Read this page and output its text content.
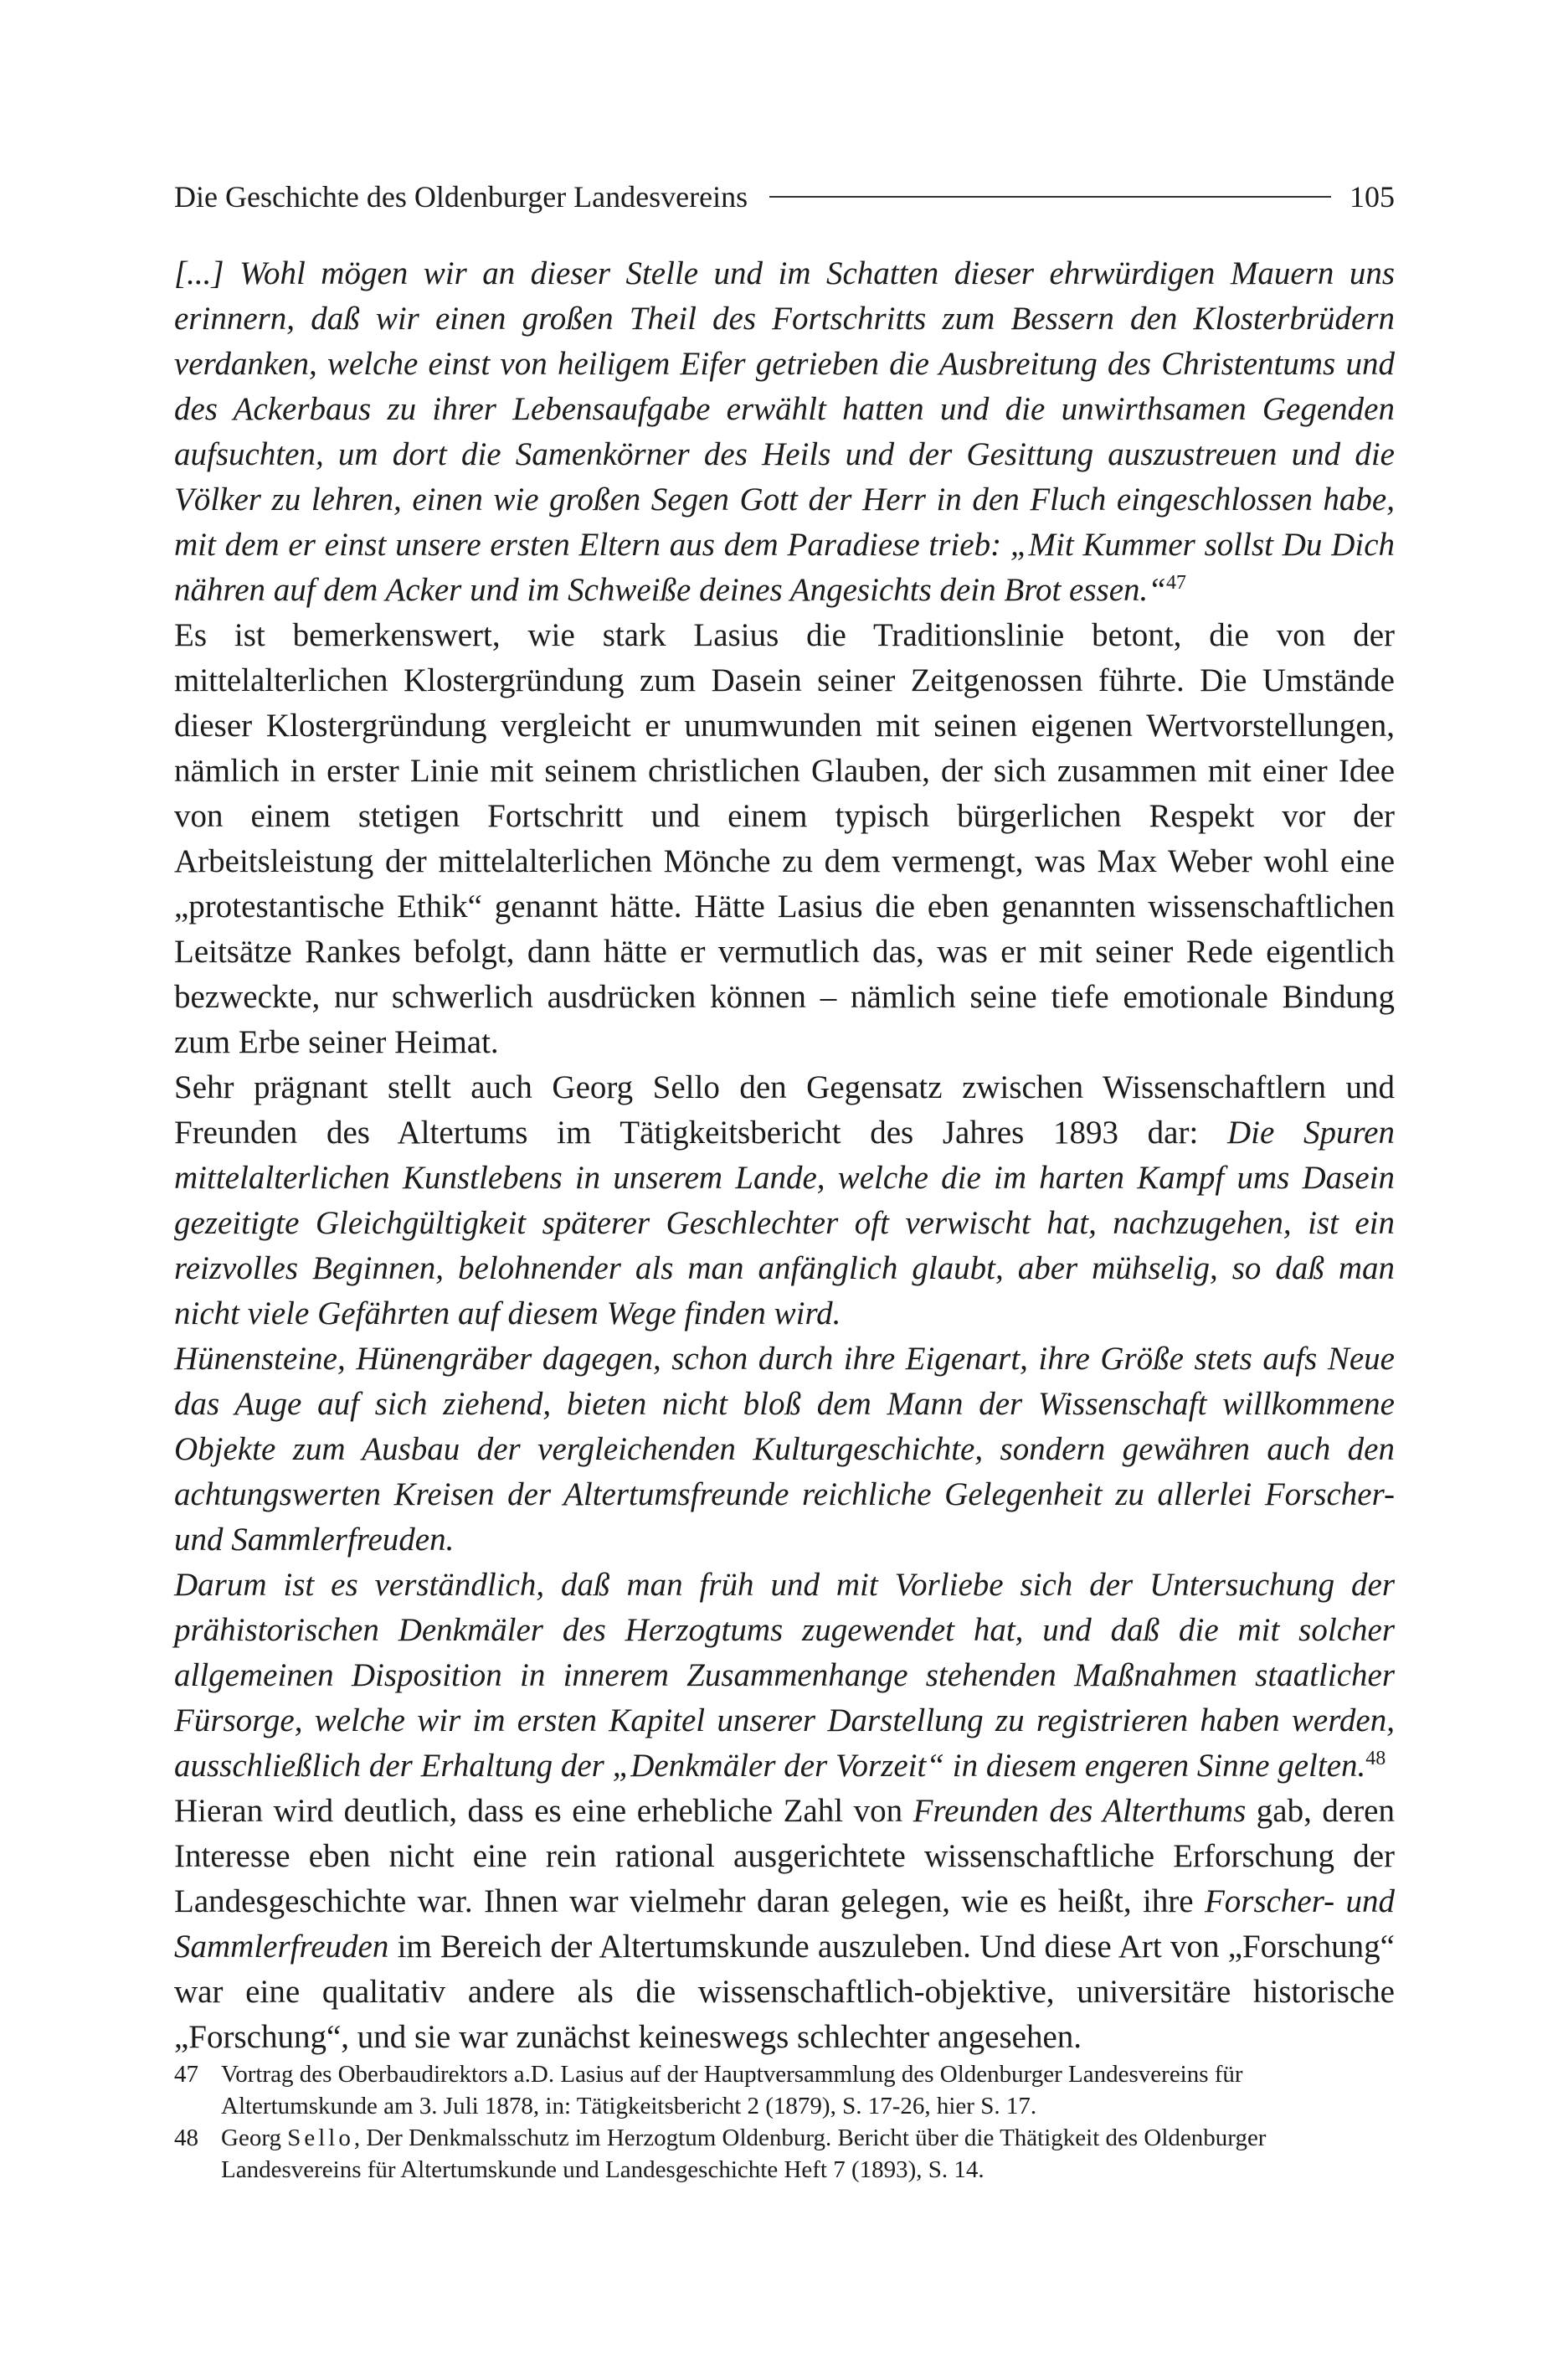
Die Geschichte des Oldenburger Landesvereins	105

[...] Wohl mögen wir an dieser Stelle und im Schatten dieser ehrwürdigen Mauern uns erinnern, daß wir einen großen Theil des Fortschritts zum Bessern den Klosterbrüdern verdanken, welche einst von heiligem Eifer getrieben die Ausbreitung des Christentums und des Ackerbaus zu ihrer Lebensaufgabe erwählt hatten und die unwirthsamen Gegenden aufsuchten, um dort die Samenkörner des Heils und der Gesittung auszustreuen und die Völker zu lehren, einen wie großen Segen Gott der Herr in den Fluch eingeschlossen habe, mit dem er einst unsere ersten Eltern aus dem Paradiese trieb: „Mit Kummer sollst Du Dich nähren auf dem Acker und im Schweiße deines Angesichts dein Brot essen.“$^{47}$

Es ist bemerkenswert, wie stark Lasius die Traditionslinie betont, die von der mittelalterlichen Klostergründung zum Dasein seiner Zeitgenossen führte. Die Umstände dieser Klostergründung vergleicht er unumwunden mit seinen eigenen Wertvorstellungen, nämlich in erster Linie mit seinem christlichen Glauben, der sich zusammen mit einer Idee von einem stetigen Fortschritt und einem typisch bürgerlichen Respekt vor der Arbeitsleistung der mittelalterlichen Mönche zu dem vermengt, was Max Weber wohl eine „protestantische Ethik“ genannt hätte. Hätte Lasius die eben genannten wissenschaftlichen Leitsätze Rankes befolgt, dann hätte er vermutlich das, was er mit seiner Rede eigentlich bezweckte, nur schwerlich ausdrücken können – nämlich seine tiefe emotionale Bindung zum Erbe seiner Heimat.

Sehr prägnant stellt auch Georg Sello den Gegensatz zwischen Wissenschaftlern und Freunden des Altertums im Tätigkeitsbericht des Jahres 1893 dar: Die Spuren mittelalterlichen Kunstlebens in unserem Lande, welche die im harten Kampf ums Dasein gezeitigte Gleichgültigkeit späterer Geschlechter oft verwischt hat, nachzugehen, ist ein reizvolles Beginnen, belohnender als man anfänglich glaubt, aber mühselig, so daß man nicht viele Gefährten auf diesem Wege finden wird.

Hünensteine, Hünengräber dagegen, schon durch ihre Eigenart, ihre Größe stets aufs Neue das Auge auf sich ziehend, bieten nicht bloß dem Mann der Wissenschaft willkommene Objekte zum Ausbau der vergleichenden Kulturgeschichte, sondern gewähren auch den achtungswerten Kreisen der Altertumsfreunde reichliche Gelegenheit zu allerlei Forscher- und Sammlerfreuden.

Darum ist es verständlich, daß man früh und mit Vorliebe sich der Untersuchung der prähistorischen Denkmäler des Herzogtums zugewendet hat, und daß die mit solcher allgemeinen Disposition in innerem Zusammenhange stehenden Maßnahmen staatlicher Fürsorge, welche wir im ersten Kapitel unserer Darstellung zu registrieren haben werden, ausschließlich der Erhaltung der „Denkmäler der Vorzeit“ in diesem engeren Sinne gelten.$^{48}$

Hieran wird deutlich, dass es eine erhebliche Zahl von Freunden des Alterthums gab, deren Interesse eben nicht eine rein rational ausgerichtete wissenschaftliche Erforschung der Landesgeschichte war. Ihnen war vielmehr daran gelegen, wie es heißt, ihre Forscher- und Sammlerfreuden im Bereich der Altertumskunde auszuleben. Und diese Art von „Forschung“ war eine qualitativ andere als die wissenschaftlich-objektive, universitäre historische „Forschung“, und sie war zunächst keineswegs schlechter angesehen.

47 Vortrag des Oberbaudirektors a.D. Lasius auf der Hauptversammlung des Oldenburger Landesvereins für Altertumskunde am 3. Juli 1878, in: Tätigkeitsbericht 2 (1879), S. 17-26, hier S. 17.
48 Georg Sello, Der Denkmalsschutz im Herzogtum Oldenburg. Bericht über die Thätigkeit des Oldenburger Landesvereins für Altertumskunde und Landesgeschichte Heft 7 (1893), S. 14.
